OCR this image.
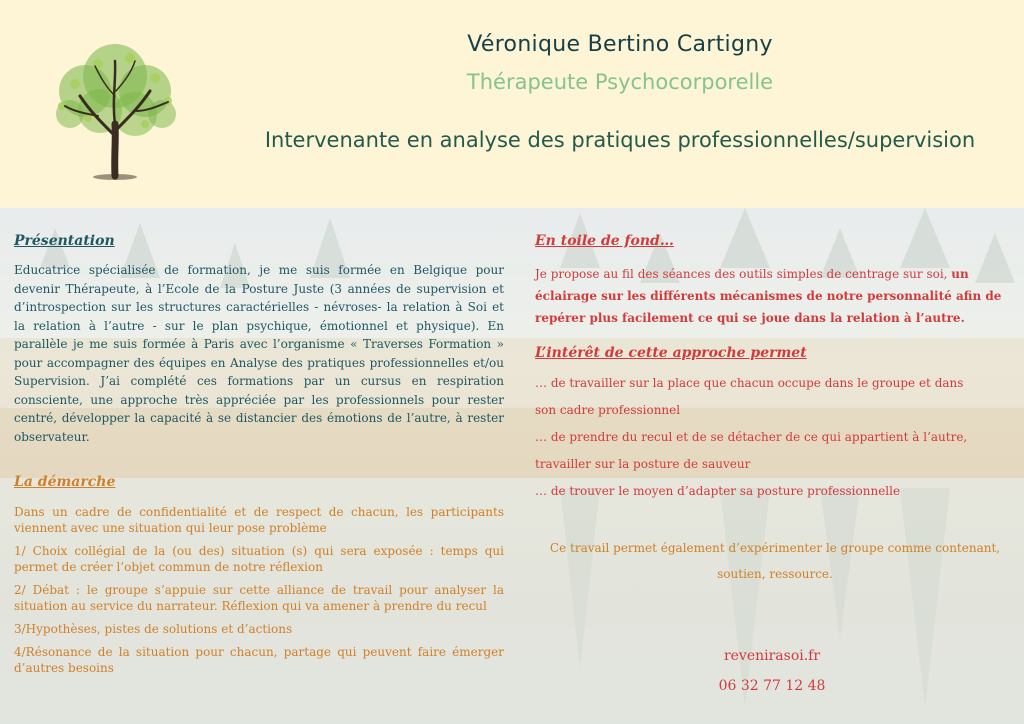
Véronique Bertino Cartigny
Thérapeute Psychocorporelle
Intervenante en analyse des pratiques professionnelles/supervision
Présentation

Educatrice spécialisée de formation, je me suis formée en Belgique pour devenir Thérapeute, à l’Ecole de la Posture Juste (3 années de supervision et d’introspection sur les structures caractérielles - névroses- la relation à Soi et la relation à l’autre - sur le plan psychique, émotionnel et physique). En parallèle je me suis formée à Paris avec l’organisme « Traverses Formation » pour accompagner des équipes en Analyse des pratiques professionnelles et/ou Supervision. J’ai complété ces formations par un cursus en respiration consciente, une approche très appréciée par les professionnels pour rester centré, développer la capacité à se distancier des émotions de l’autre, à rester observateur.

La démarche

Dans un cadre de confidentialité et de respect de chacun, les participants viennent avec une situation qui leur pose problème

1/ Choix collégial de la (ou des) situation (s) qui sera exposée : temps qui permet de créer l’objet commun de notre réflexion

2/ Débat : le groupe s’appuie sur cette alliance de travail pour analyser la situation au service du narrateur. Réflexion qui va amener à prendre du recul

3/Hypothèses, pistes de solutions et d’actions

4/Résonance de la situation pour chacun, partage qui peuvent faire émerger d’autres besoins

En toile de fond…
Je propose au fil des séances des outils simples de centrage sur soi, un éclairage sur les différents mécanismes de notre personnalité afin de repérer plus facilement ce qui se joue dans la relation à l’autre.
L’intérêt de cette approche permet

… de travailler sur la place que chacun occupe dans le groupe et dans

son cadre professionnel

… de prendre du recul et de se détacher de ce qui appartient à l’autre,

travailler sur la posture de sauveur

… de trouver le moyen d’adapter sa posture professionnelle

Ce travail permet également d’expérimenter le groupe comme contenant,
soutien, ressource.
revenirasoi.fr
06 32 77 12 48
